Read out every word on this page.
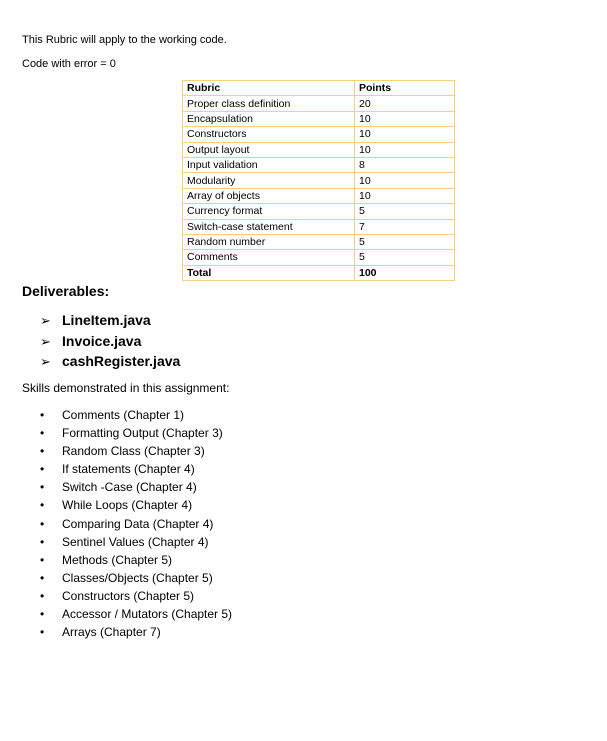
This Rubric will apply to the working code.

Code with error = 0

Rubric	Points
Proper class definition	20
Encapsulation	10
Constructors	10
Output layout	10
Input validation	8
Modularity	10
Array of objects	10
Currency format	5
Switch-case statement	7
Random number	5
Comments	5
Total	100

Deliverables:

➢ LineItem.java
➢ Invoice.java
➢ cashRegister.java

Skills demonstrated in this assignment:

• Comments (Chapter 1)
• Formatting Output (Chapter 3)
• Random Class (Chapter 3)
• If statements (Chapter 4)
• Switch -Case (Chapter 4)
• While Loops (Chapter 4)
• Comparing Data (Chapter 4)
• Sentinel Values (Chapter 4)
• Methods (Chapter 5)
• Classes/Objects (Chapter 5)
• Constructors (Chapter 5)
• Accessor / Mutators (Chapter 5)
• Arrays (Chapter 7)
